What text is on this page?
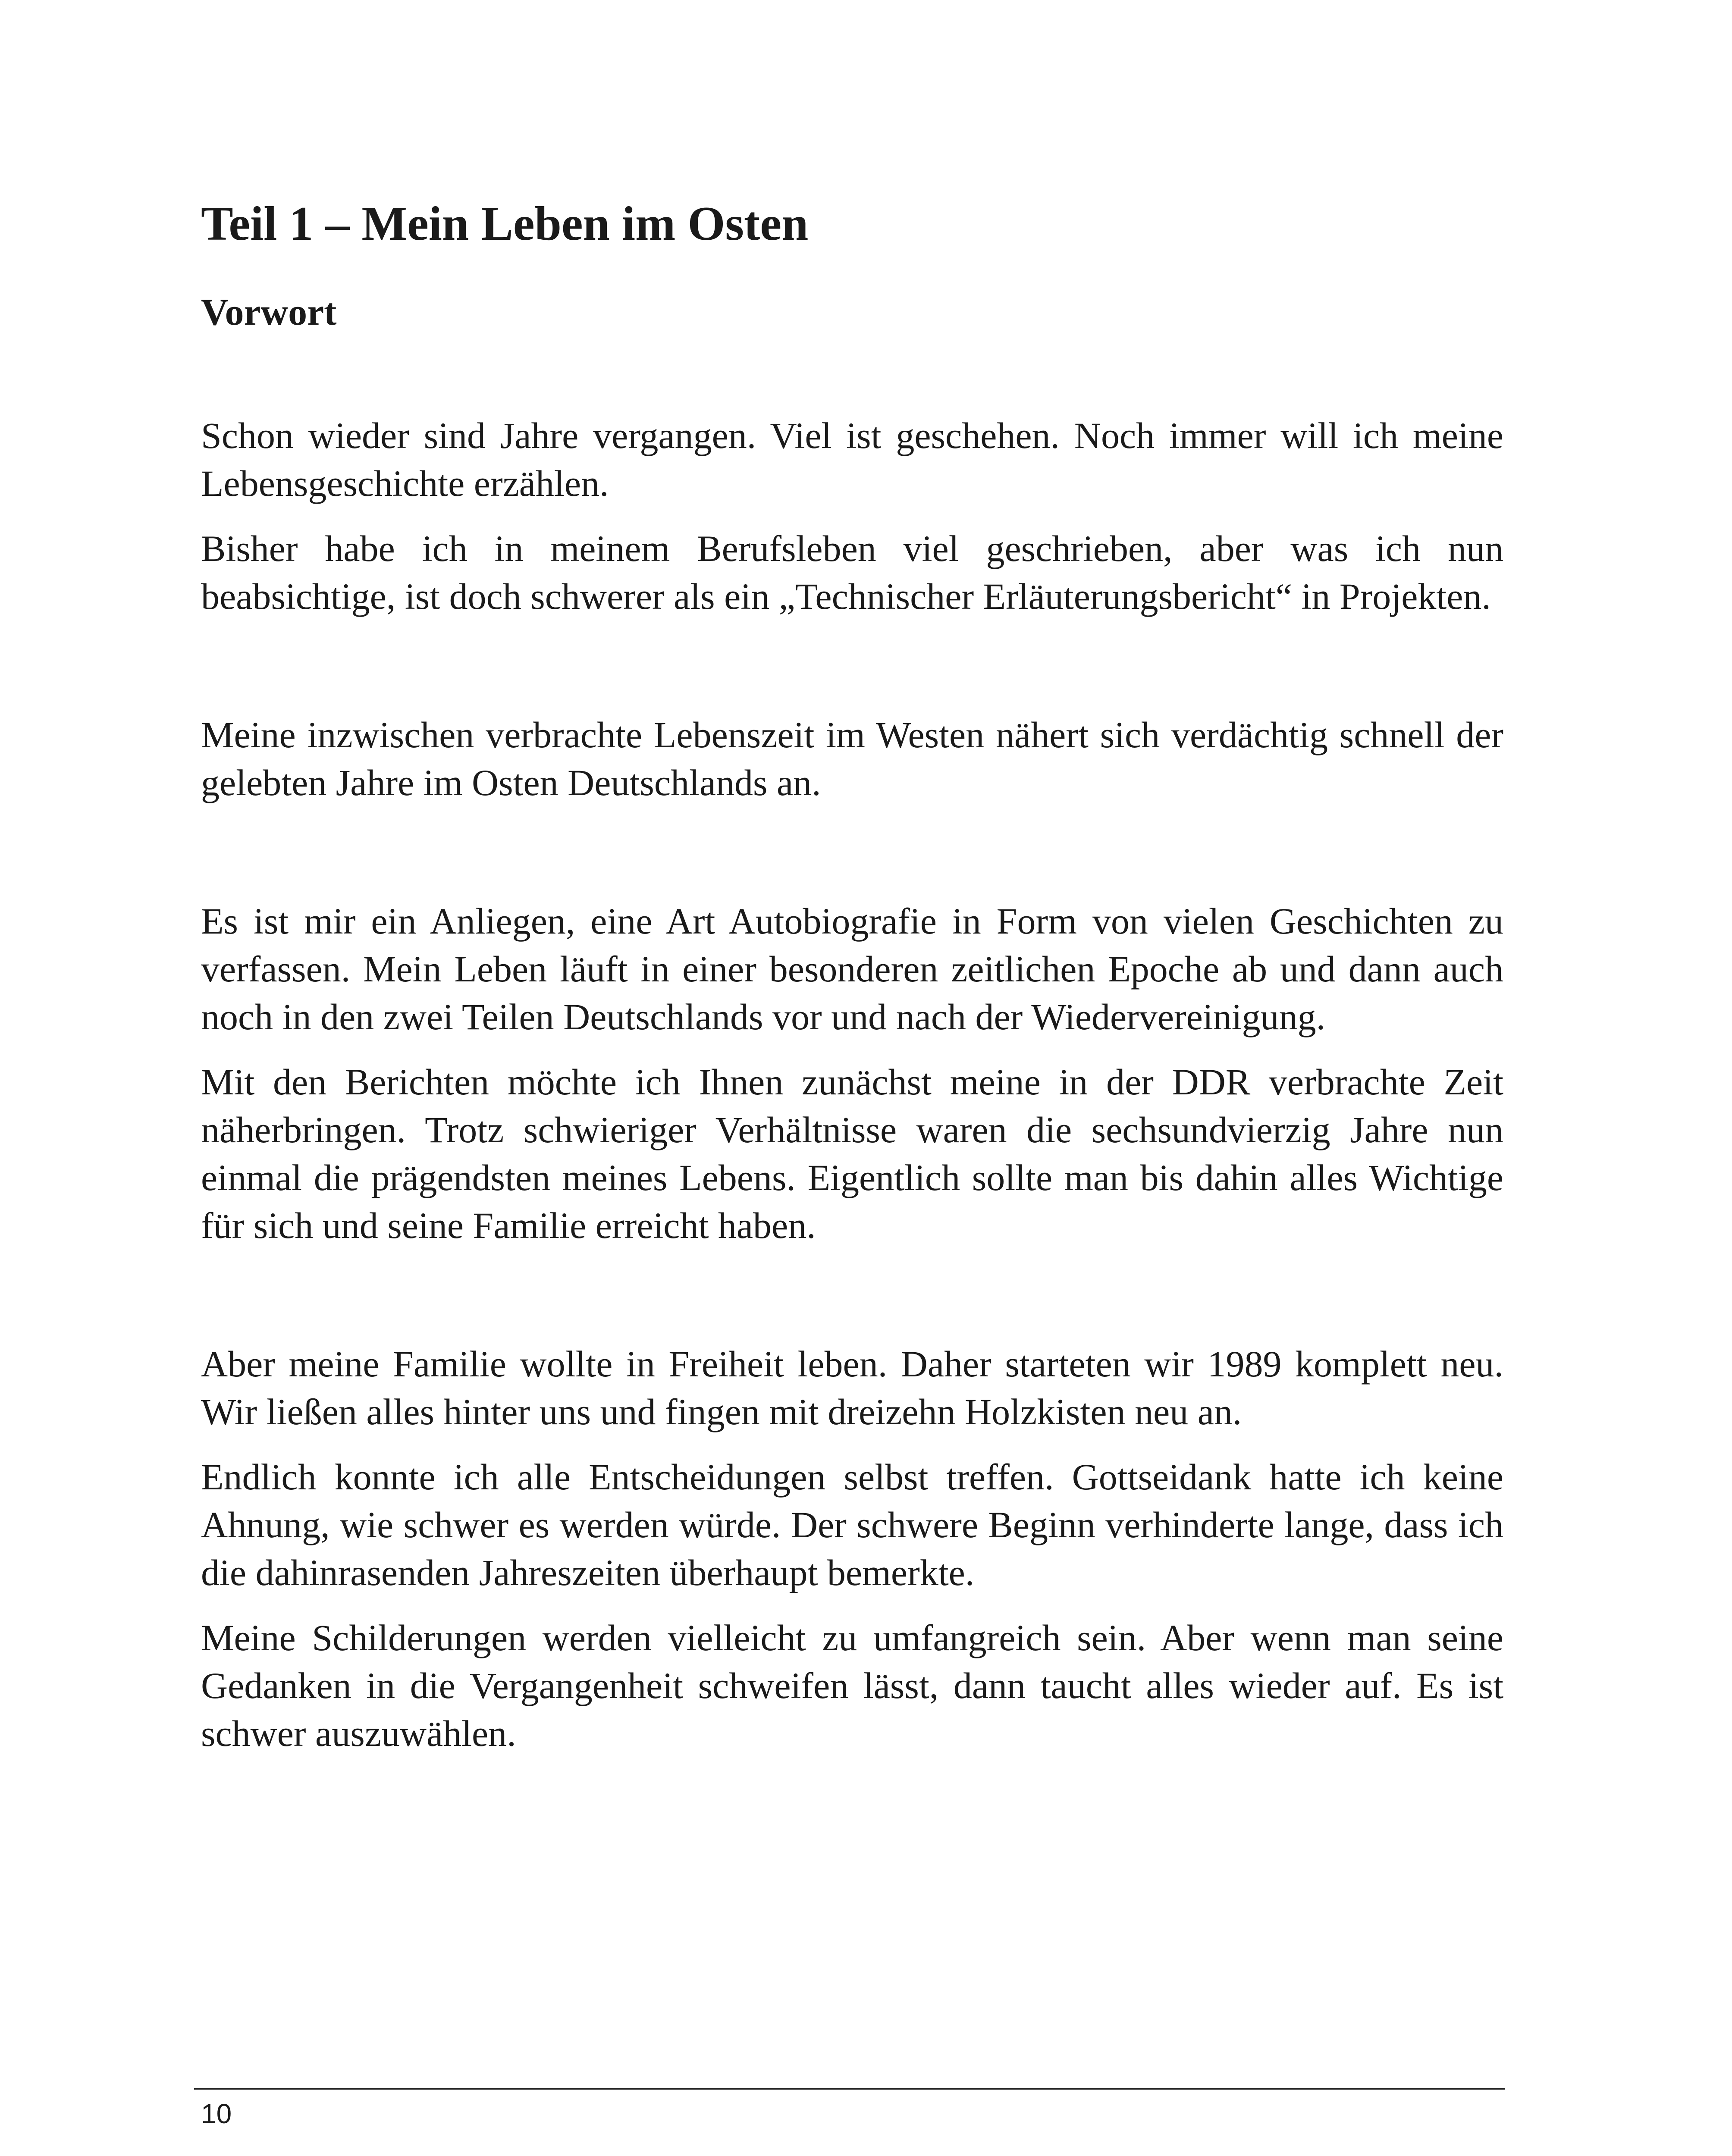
Teil 1 – Mein Leben im Osten
Vorwort

Schon wieder sind Jahre vergangen. Viel ist geschehen. Noch immer will ich meine Lebensgeschichte erzählen.

Bisher habe ich in meinem Berufsleben viel geschrieben, aber was ich nun beabsichtige, ist doch schwerer als ein „Technischer Erläuterungsbericht“ in Projekten.

Meine inzwischen verbrachte Lebenszeit im Westen nähert sich verdächtig schnell der gelebten Jahre im Osten Deutschlands an.

Es ist mir ein Anliegen, eine Art Autobiografie in Form von vielen Geschichten zu verfassen. Mein Leben läuft in einer besonderen zeitlichen Epoche ab und dann auch noch in den zwei Teilen Deutschlands vor und nach der Wiedervereinigung.

Mit den Berichten möchte ich Ihnen zunächst meine in der DDR verbrachte Zeit näherbringen. Trotz schwieriger Verhältnisse waren die sechsundvierzig Jahre nun einmal die prägendsten meines Lebens. Eigentlich sollte man bis dahin alles Wichtige für sich und seine Familie erreicht haben.

Aber meine Familie wollte in Freiheit leben. Daher starteten wir 1989 komplett neu. Wir ließen alles hinter uns und fingen mit dreizehn Holzkisten neu an.

Endlich konnte ich alle Entscheidungen selbst treffen. Gottseidank hatte ich keine Ahnung, wie schwer es werden würde. Der schwere Beginn verhinderte lange, dass ich die dahinrasenden Jahreszeiten überhaupt bemerkte.

Meine Schilderungen werden vielleicht zu umfangreich sein. Aber wenn man seine Gedanken in die Vergangenheit schweifen lässt, dann taucht alles wieder auf. Es ist schwer auszuwählen.

10
